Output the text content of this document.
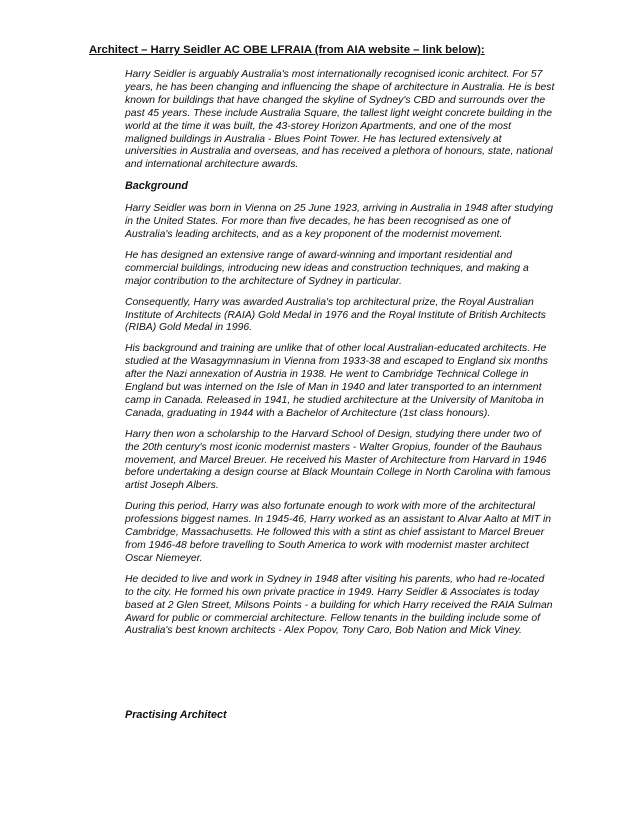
Architect – Harry Seidler AC OBE LFRAIA (from AIA website – link below):

Harry Seidler is arguably Australia's most internationally recognised iconic architect. For 57 years, he has been changing and influencing the shape of architecture in Australia. He is best known for buildings that have changed the skyline of Sydney's CBD and surrounds over the past 45 years. These include Australia Square, the tallest light weight concrete building in the world at the time it was built, the 43-storey Horizon Apartments, and one of the most maligned buildings in Australia - Blues Point Tower. He has lectured extensively at universities in Australia and overseas, and has received a plethora of honours, state, national and international architecture awards.

Background

Harry Seidler was born in Vienna on 25 June 1923, arriving in Australia in 1948 after studying in the United States. For more than five decades, he has been recognised as one of Australia's leading architects, and as a key proponent of the modernist movement.

He has designed an extensive range of award-winning and important residential and commercial buildings, introducing new ideas and construction techniques, and making a major contribution to the architecture of Sydney in particular.

Consequently, Harry was awarded Australia's top architectural prize, the Royal Australian Institute of Architects (RAIA) Gold Medal in 1976 and the Royal Institute of British Architects (RIBA) Gold Medal in 1996.

His background and training are unlike that of other local Australian-educated architects. He studied at the Wasagymnasium in Vienna from 1933-38 and escaped to England six months after the Nazi annexation of Austria in 1938. He went to Cambridge Technical College in England but was interned on the Isle of Man in 1940 and later transported to an internment camp in Canada. Released in 1941, he studied architecture at the University of Manitoba in Canada, graduating in 1944 with a Bachelor of Architecture (1st class honours).

Harry then won a scholarship to the Harvard School of Design, studying there under two of the 20th century's most iconic modernist masters - Walter Gropius, founder of the Bauhaus movement, and Marcel Breuer. He received his Master of Architecture from Harvard in 1946 before undertaking a design course at Black Mountain College in North Carolina with famous artist Joseph Albers.

During this period, Harry was also fortunate enough to work with more of the architectural professions biggest names. In 1945-46, Harry worked as an assistant to Alvar Aalto at MIT in Cambridge, Massachusetts. He followed this with a stint as chief assistant to Marcel Breuer from 1946-48 before travelling to South America to work with modernist master architect Oscar Niemeyer.

He decided to live and work in Sydney in 1948 after visiting his parents, who had re-located to the city. He formed his own private practice in 1949. Harry Seidler & Associates is today based at 2 Glen Street, Milsons Points - a building for which Harry received the RAIA Sulman Award for public or commercial architecture. Fellow tenants in the building include some of Australia's best known architects - Alex Popov, Tony Caro, Bob Nation and Mick Viney.

Practising Architect
